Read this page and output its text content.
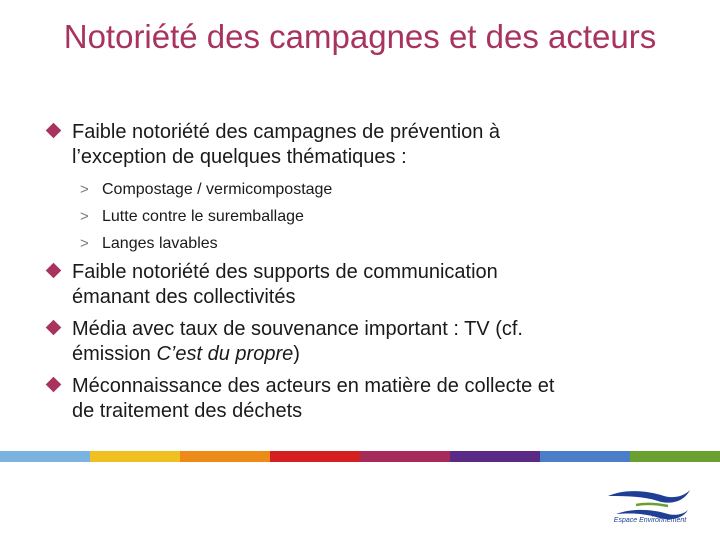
Notoriété des campagnes et des acteurs
Faible notoriété des campagnes de prévention à
l’exception de quelques thématiques :
> Compostage / vermicompostage
> Lutte contre le suremballage
> Langes lavables
Faible notoriété des supports de communication
émanant des collectivités
Média avec taux de souvenance important : TV (cf.
émission C’est du propre)
Méconnaissance des acteurs en matière de collecte et
de traitement des déchets
Espace Environnement
